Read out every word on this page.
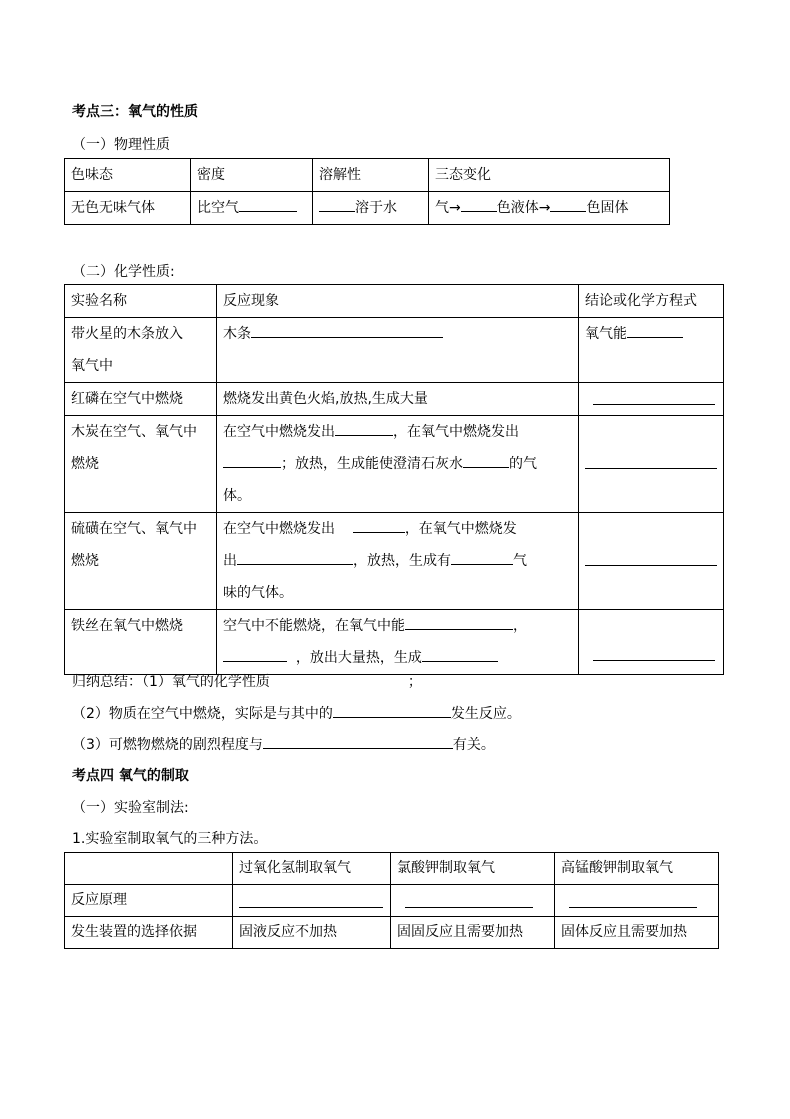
考点三：氧气的性质
（一）物理性质
色味态	密度	溶解性	三态变化
无色无味气体	比空气	溶于水	气→ 色液体→ 色固体
（二）化学性质:
实验名称	反应现象	结论或化学方程式

带火星的木条放入
氧气中	木条	氧气能
红磷在空气中燃烧	燃烧发出黄色火焰,放热,生成大量	

木炭在空气、氧气中
燃烧	在空气中燃烧发出 ，在氧气中燃烧发出
；放热，生成能使澄清石灰水 的气
体。	

硫磺在空气、氧气中
燃烧	在空气中燃烧发出 ，在氧气中燃烧发
出 ，放热，生成有 气
味的气体。	

铁丝在氧气中燃烧	空气中不能燃烧，在氧气中能 ，
，放出大量热，生成	

归纳总结：（1）氧气的化学性质	；
（2）物质在空气中燃烧，实际是与其中的	发生反应。
（3）可燃物燃烧的剧烈程度与	有关。
考点四 氧气的制取
（一）实验室制法:
1.实验室制取氧气的三种方法。
	过氧化氢制取氧气	氯酸钾制取氧气	高锰酸钾制取氧气
反应原理	

发生装置的选择依据	固液反应不加热	固固反应且需要加热	固体反应且需要加热
